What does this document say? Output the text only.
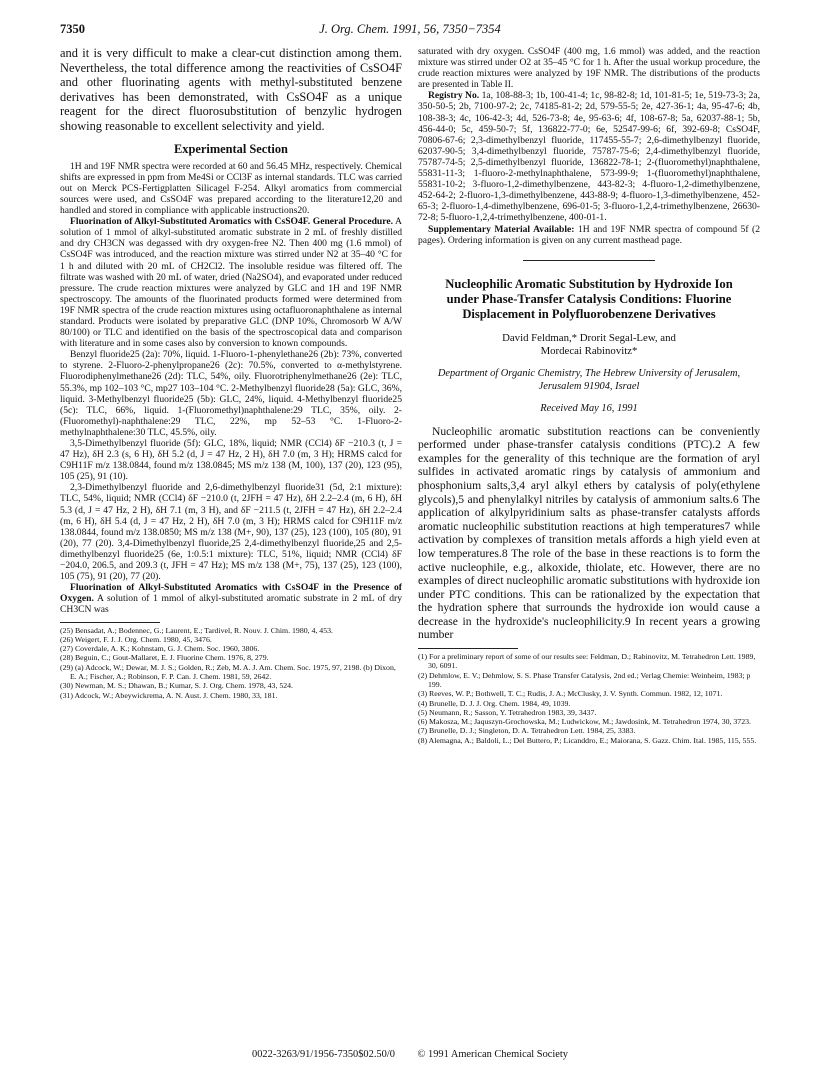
7350	J. Org. Chem. 1991, 56, 7350−7354

and it is very difficult to make a clear-cut distinction among them. Nevertheless, the total difference among the reactivities of CsSO4F and other fluorinating agents with methyl-substituted benzene derivatives has been demonstrated, with CsSO4F as a unique reagent for the direct fluorosubstitution of benzylic hydrogen showing reasonable to excellent selectivity and yield.

Experimental Section

1H and 19F NMR spectra were recorded at 60 and 56.45 MHz, respectively. Chemical shifts are expressed in ppm from Me4Si or CCl3F as internal standards. TLC was carried out on Merck PCS-Fertigplatten Silicagel F-254. Alkyl aromatics from commercial sources were used, and CsSO4F was prepared according to the literature12,20 and handled and stored in compliance with applicable instructions20.

Fluorination of Alkyl-Substituted Aromatics with CsSO4F. General Procedure. A solution of 1 mmol of alkyl-substituted aromatic substrate in 2 mL of freshly distilled and dry CH3CN was degassed with dry oxygen-free N2. Then 400 mg (1.6 mmol) of CsSO4F was introduced, and the reaction mixture was stirred under N2 at 35–40 °C for 1 h and diluted with 20 mL of CH2Cl2. The insoluble residue was filtered off. The filtrate was washed with 20 mL of water, dried (Na2SO4), and evaporated under reduced pressure. The crude reaction mixtures were analyzed by GLC and 1H and 19F NMR spectroscopy. The amounts of the fluorinated products formed were determined from 19F NMR spectra of the crude reaction mixtures using octafluoronaphthalene as internal standard. Products were isolated by preparative GLC (DNP 10%, Chromosorb W A/W 80/100) or TLC and identified on the basis of the spectroscopical data and comparison with literature and in some cases also by conversion to known compounds.

Benzyl fluoride25 (2a): 70%, liquid. 1-Fluoro-1-phenylethane26 (2b): 73%, converted to styrene. 2-Fluoro-2-phenylpropane26 (2c): 70.5%, converted to α-methylstyrene. Fluorodiphenylmethane26 (2d): TLC, 54%, oily. Fluorotriphenylmethane26 (2e): TLC, 55.3%, mp 102–103 °C, mp27 103–104 °C. 2-Methylbenzyl fluoride28 (5a): GLC, 36%, liquid. 3-Methylbenzyl fluoride25 (5b): GLC, 24%, liquid. 4-Methylbenzyl fluoride25 (5c): TLC, 66%, liquid. 1-(Fluoromethyl)naphthalene:29 TLC, 35%, oily. 2-(Fluoromethyl)-naphthalene:29 TLC, 22%, mp 52–53 °C. 1-Fluoro-2-methylnaphthalene:30 TLC, 45.5%, oily.

3,5-Dimethylbenzyl fluoride (5f): GLC, 18%, liquid; NMR (CCl4) δF −210.3 (t, J = 47 Hz), δH 2.3 (s, 6 H), δH 5.2 (d, J = 47 Hz, 2 H), δH 7.0 (m, 3 H); HRMS calcd for C9H11F m/z 138.0844, found m/z 138.0845; MS m/z 138 (M, 100), 137 (20), 123 (95), 105 (25), 91 (10).

2,3-Dimethylbenzyl fluoride and 2,6-dimethylbenzyl fluoride31 (5d, 2:1 mixture): TLC, 54%, liquid; NMR (CCl4) δF −210.0 (t, 2JFH = 47 Hz), δH 2.2–2.4 (m, 6 H), δH 5.3 (d, J = 47 Hz, 2 H), δH 7.1 (m, 3 H), and δF −211.5 (t, 2JFH = 47 Hz), δH 2.2–2.4 (m, 6 H), δH 5.4 (d, J = 47 Hz, 2 H), δH 7.0 (m, 3 H); HRMS calcd for C9H11F m/z 138.0844, found m/z 138.0850; MS m/z 138 (M+, 90), 137 (25), 123 (100), 105 (80), 91 (20), 77 (20). 3,4-Dimethylbenzyl fluoride,25 2,4-dimethylbenzyl fluoride,25 and 2,5-dimethylbenzyl fluoride25 (6e, 1:0.5:1 mixture): TLC, 51%, liquid; NMR (CCl4) δF −204.0, 206.5, and 209.3 (t, JFH = 47 Hz); MS m/z 138 (M+, 75), 137 (25), 123 (100), 105 (75), 91 (20), 77 (20).

Fluorination of Alkyl-Substituted Aromatics with CsSO4F in the Presence of Oxygen. A solution of 1 mmol of alkyl-substituted aromatic substrate in 2 mL of dry CH3CN was

(25) Bensadat, A.; Bodennec, G.; Laurent, E.; Tardivel, R. Nouv. J. Chim. 1980, 4, 453.
(26) Weigert, F. J. J. Org. Chem. 1980, 45, 3476.
(27) Coverdale, A. K.; Kohnstam, G. J. Chem. Soc. 1960, 3806.
(28) Beguin, C.; Gout-Mallaret, E. J. Fluorine Chem. 1976, 8, 279.
(29) (a) Adcock, W.; Dewar, M. J. S.; Golden, R.; Zeb, M. A. J. Am. Chem. Soc. 1975, 97, 2198. (b) Dixon, E. A.; Fischer, A.; Robinson, F. P. Can. J. Chem. 1981, 59, 2642.
(30) Newman, M. S.; Dhawan, B.; Kumar, S. J. Org. Chem. 1978, 43, 524.
(31) Adcock, W.; Abeywickrema, A. N. Aust. J. Chem. 1980, 33, 181.

saturated with dry oxygen. CsSO4F (400 mg, 1.6 mmol) was added, and the reaction mixture was stirred under O2 at 35–45 °C for 1 h. After the usual workup procedure, the crude reaction mixtures were analyzed by 19F NMR. The distributions of the products are presented in Table II.

Registry No. 1a, 108-88-3; 1b, 100-41-4; 1c, 98-82-8; 1d, 101-81-5; 1e, 519-73-3; 2a, 350-50-5; 2b, 7100-97-2; 2c, 74185-81-2; 2d, 579-55-5; 2e, 427-36-1; 4a, 95-47-6; 4b, 108-38-3; 4c, 106-42-3; 4d, 526-73-8; 4e, 95-63-6; 4f, 108-67-8; 5a, 62037-88-1; 5b, 456-44-0; 5c, 459-50-7; 5f, 136822-77-0; 6e, 52547-99-6; 6f, 392-69-8; CsSO4F, 70806-67-6; 2,3-dimethylbenzyl fluoride, 117455-55-7; 2,6-dimethylbenzyl fluoride, 62037-90-5; 3,4-dimethylbenzyl fluoride, 75787-75-6; 2,4-dimethylbenzyl fluoride, 75787-74-5; 2,5-dimethylbenzyl fluoride, 136822-78-1; 2-(fluoromethyl)naphthalene, 55831-11-3; 1-fluoro-2-methylnaphthalene, 573-99-9; 1-(fluoromethyl)naphthalene, 55831-10-2; 3-fluoro-1,2-dimethylbenzene, 443-82-3; 4-fluoro-1,2-dimethylbenzene, 452-64-2; 2-fluoro-1,3-dimethylbenzene, 443-88-9; 4-fluoro-1,3-dimethylbenzene, 452-65-3; 2-fluoro-1,4-dimethylbenzene, 696-01-5; 3-fluoro-1,2,4-trimethylbenzene, 26630-72-8; 5-fluoro-1,2,4-trimethylbenzene, 400-01-1.

Supplementary Material Available: 1H and 19F NMR spectra of compound 5f (2 pages). Ordering information is given on any current masthead page.

Nucleophilic Aromatic Substitution by Hydroxide Ion under Phase-Transfer Catalysis Conditions: Fluorine Displacement in Polyfluorobenzene Derivatives
David Feldman,* Drorit Segal-Lew, and
Mordecai Rabinovitz*
Department of Organic Chemistry, The Hebrew University of Jerusalem, Jerusalem 91904, Israel
Received May 16, 1991

Nucleophilic aromatic substitution reactions can be conveniently performed under phase-transfer catalysis conditions (PTC).2 A few examples for the generality of this technique are the formation of aryl sulfides in activated aromatic rings by catalysis of ammonium and phosphonium salts,3,4 aryl alkyl ethers by catalysis of poly(ethylene glycols),5 and phenylalkyl nitriles by catalysis of ammonium salts.6 The application of alkylpyridinium salts as phase-transfer catalysts affords aromatic nucleophilic substitution reactions at high temperatures7 while activation by complexes of transition metals affords a high yield even at low temperatures.8 The role of the base in these reactions is to form the active nucleophile, e.g., alkoxide, thiolate, etc. However, there are no examples of direct nucleophilic aromatic substitutions with hydroxide ion under PTC conditions. This can be rationalized by the expectation that the hydration sphere that surrounds the hydroxide ion would cause a decrease in the hydroxide's nucleophilicity.9 In recent years a growing number

(1) For a preliminary report of some of our results see: Feldman, D.; Rabinovitz, M. Tetrahedron Lett. 1989, 30, 6091.
(2) Dehmlow, E. V.; Dehmlow, S. S. Phase Transfer Catalysis, 2nd ed.; Verlag Chemie: Weinheim, 1983; p 199.
(3) Reeves, W. P.; Bothwell, T. C.; Rudis, J. A.; McClusky, J. V. Synth. Commun. 1982, 12, 1071.
(4) Brunelle, D. J. J. Org. Chem. 1984, 49, 1039.
(5) Neumann, R.; Sasson, Y. Tetrahedron 1983, 39, 3437.
(6) Makosza, M.; Jaquszyn-Grochowska, M.; Ludwickow, M.; Jawdosink, M. Tetrahedron 1974, 30, 3723.
(7) Brunelle, D. J.; Singleton, D. A. Tetrahedron Lett. 1984, 25, 3383.
(8) Alemagna, A.; Baldoli, L.; Del Buttero, P.; Licanddro, E.; Maiorana, S. Gazz. Chim. Ital. 1985, 115, 555.
0022-3263/91/1956-7350$02.50/0 © 1991 American Chemical Society
